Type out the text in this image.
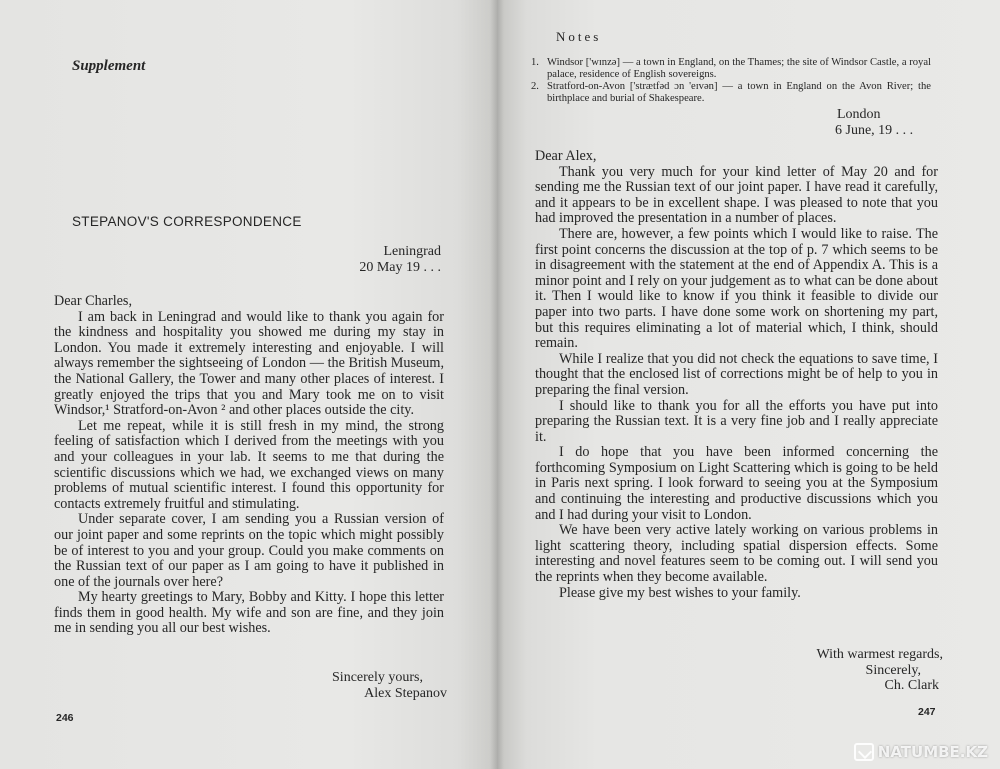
Supplement
STEPANOV'S CORRESPONDENCE
Leningrad
20 May 19 . . .

Dear Charles,

I am back in Leningrad and would like to thank you again for the kindness and hospitality you showed me during my stay in London. You made it extremely interesting and enjoyable. I will always remember the sightseeing of London — the British Museum, the National Gallery, the Tower and many other places of interest. I greatly enjoyed the trips that you and Mary took me on to visit Windsor,¹ Stratford-on-Avon ² and other places outside the city.

Let me repeat, while it is still fresh in my mind, the strong feeling of satisfaction which I derived from the meetings with you and your colleagues in your lab. It seems to me that during the scientific discussions which we had, we exchanged views on many problems of mutual scientific interest. I found this opportunity for contacts extremely fruitful and stimulating.

Under separate cover, I am sending you a Russian version of our joint paper and some reprints on the topic which might possibly be of interest to you and your group. Could you make comments on the Russian text of our paper as I am going to have it published in one of the journals over here?

My hearty greetings to Mary, Bobby and Kitty. I hope this letter finds them in good health. My wife and son are fine, and they join me in sending you all our best wishes.

Sincerely yours,
Alex Stepanov
246
Notes
1. Windsor ['wɪnzə] — a town in England, on the Thames; the site of Windsor Castle, a royal palace, residence of English sovereigns.
2. Stratford-on-Avon ['strætfəd ɔn 'eɪvən] — a town in England on the Avon River; the birthplace and burial of Shakespeare.
London
6 June, 19 . . .

Dear Alex,

Thank you very much for your kind letter of May 20 and for sending me the Russian text of our joint paper. I have read it carefully, and it appears to be in excellent shape. I was pleased to note that you had improved the presentation in a number of places.

There are, however, a few points which I would like to raise. The first point concerns the discussion at the top of p. 7 which seems to be in disagreement with the statement at the end of Appendix A. This is a minor point and I rely on your judgement as to what can be done about it. Then I would like to know if you think it feasible to divide our paper into two parts. I have done some work on shortening my part, but this requires eliminating a lot of material which, I think, should remain.

While I realize that you did not check the equations to save time, I thought that the enclosed list of corrections might be of help to you in preparing the final version.

I should like to thank you for all the efforts you have put into preparing the Russian text. It is a very fine job and I really appreciate it.

I do hope that you have been informed concerning the forthcoming Symposium on Light Scattering which is going to be held in Paris next spring. I look forward to seeing you at the Symposium and continuing the interesting and productive discussions which you and I had during your visit to London.

We have been very active lately working on various problems in light scattering theory, including spatial dispersion effects. Some interesting and novel features seem to be coming out. I will send you the reprints when they become available.

Please give my best wishes to your family.

With warmest regards,
Sincerely,
Ch. Clark
247
NATUMBE.KZ
